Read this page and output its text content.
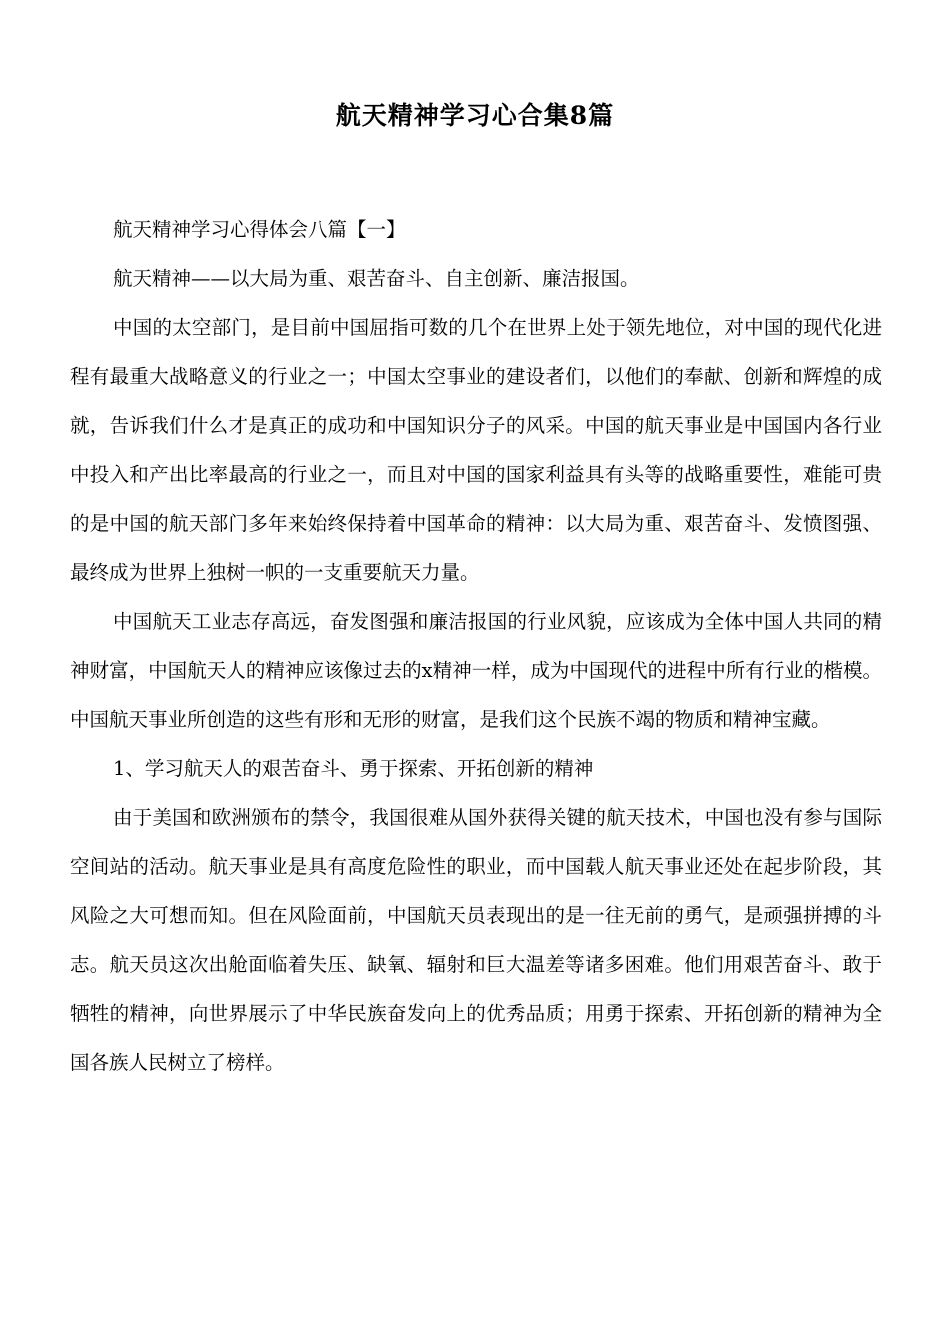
航天精神学习心合集8篇

航天精神学习心得体会八篇【一】

航天精神——以大局为重、艰苦奋斗、自主创新、廉洁报国。

中国的太空部门，是目前中国屈指可数的几个在世界上处于领先地位，对中国的现代化进程有最重大战略意义的行业之一；中国太空事业的建设者们，以他们的奉献、创新和辉煌的成就，告诉我们什么才是真正的成功和中国知识分子的风采。中国的航天事业是中国国内各行业中投入和产出比率最高的行业之一，而且对中国的国家利益具有头等的战略重要性，难能可贵的是中国的航天部门多年来始终保持着中国革命的精神：以大局为重、艰苦奋斗、发愤图强、最终成为世界上独树一帜的一支重要航天力量。

中国航天工业志存高远，奋发图强和廉洁报国的行业风貌，应该成为全体中国人共同的精神财富，中国航天人的精神应该像过去的x精神一样，成为中国现代的进程中所有行业的楷模。中国航天事业所创造的这些有形和无形的财富，是我们这个民族不竭的物质和精神宝藏。

1、学习航天人的艰苦奋斗、勇于探索、开拓创新的精神

由于美国和欧洲颁布的禁令，我国很难从国外获得关键的航天技术，中国也没有参与国际空间站的活动。航天事业是具有高度危险性的职业，而中国载人航天事业还处在起步阶段，其风险之大可想而知。但在风险面前，中国航天员表现出的是一往无前的勇气，是顽强拼搏的斗志。航天员这次出舱面临着失压、缺氧、辐射和巨大温差等诸多困难。他们用艰苦奋斗、敢于牺牲的精神，向世界展示了中华民族奋发向上的优秀品质；用勇于探索、开拓创新的精神为全国各族人民树立了榜样。
